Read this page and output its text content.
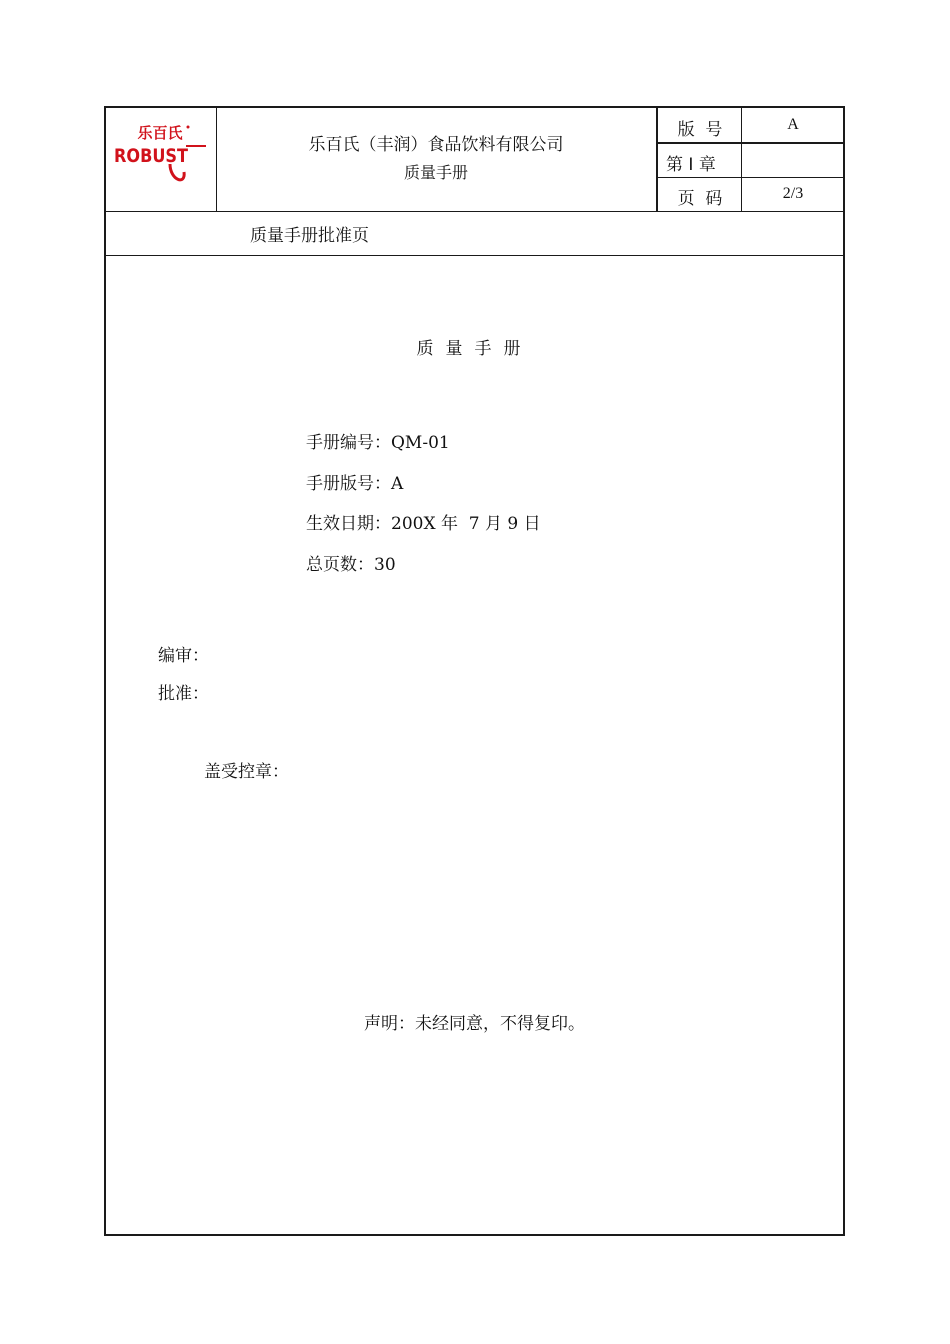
乐百氏
ROBUST	乐百氏（丰润）食品饮料有限公司
质量手册
版  号	A
第 I 章
页  码	2/3
质量手册批准页
质量手册
手册编号：QM-01
手册版号：A
生效日期：200X 年  7 月 9 日
总页数：30
编审：
批准：
盖受控章：
声明：未经同意，不得复印。
